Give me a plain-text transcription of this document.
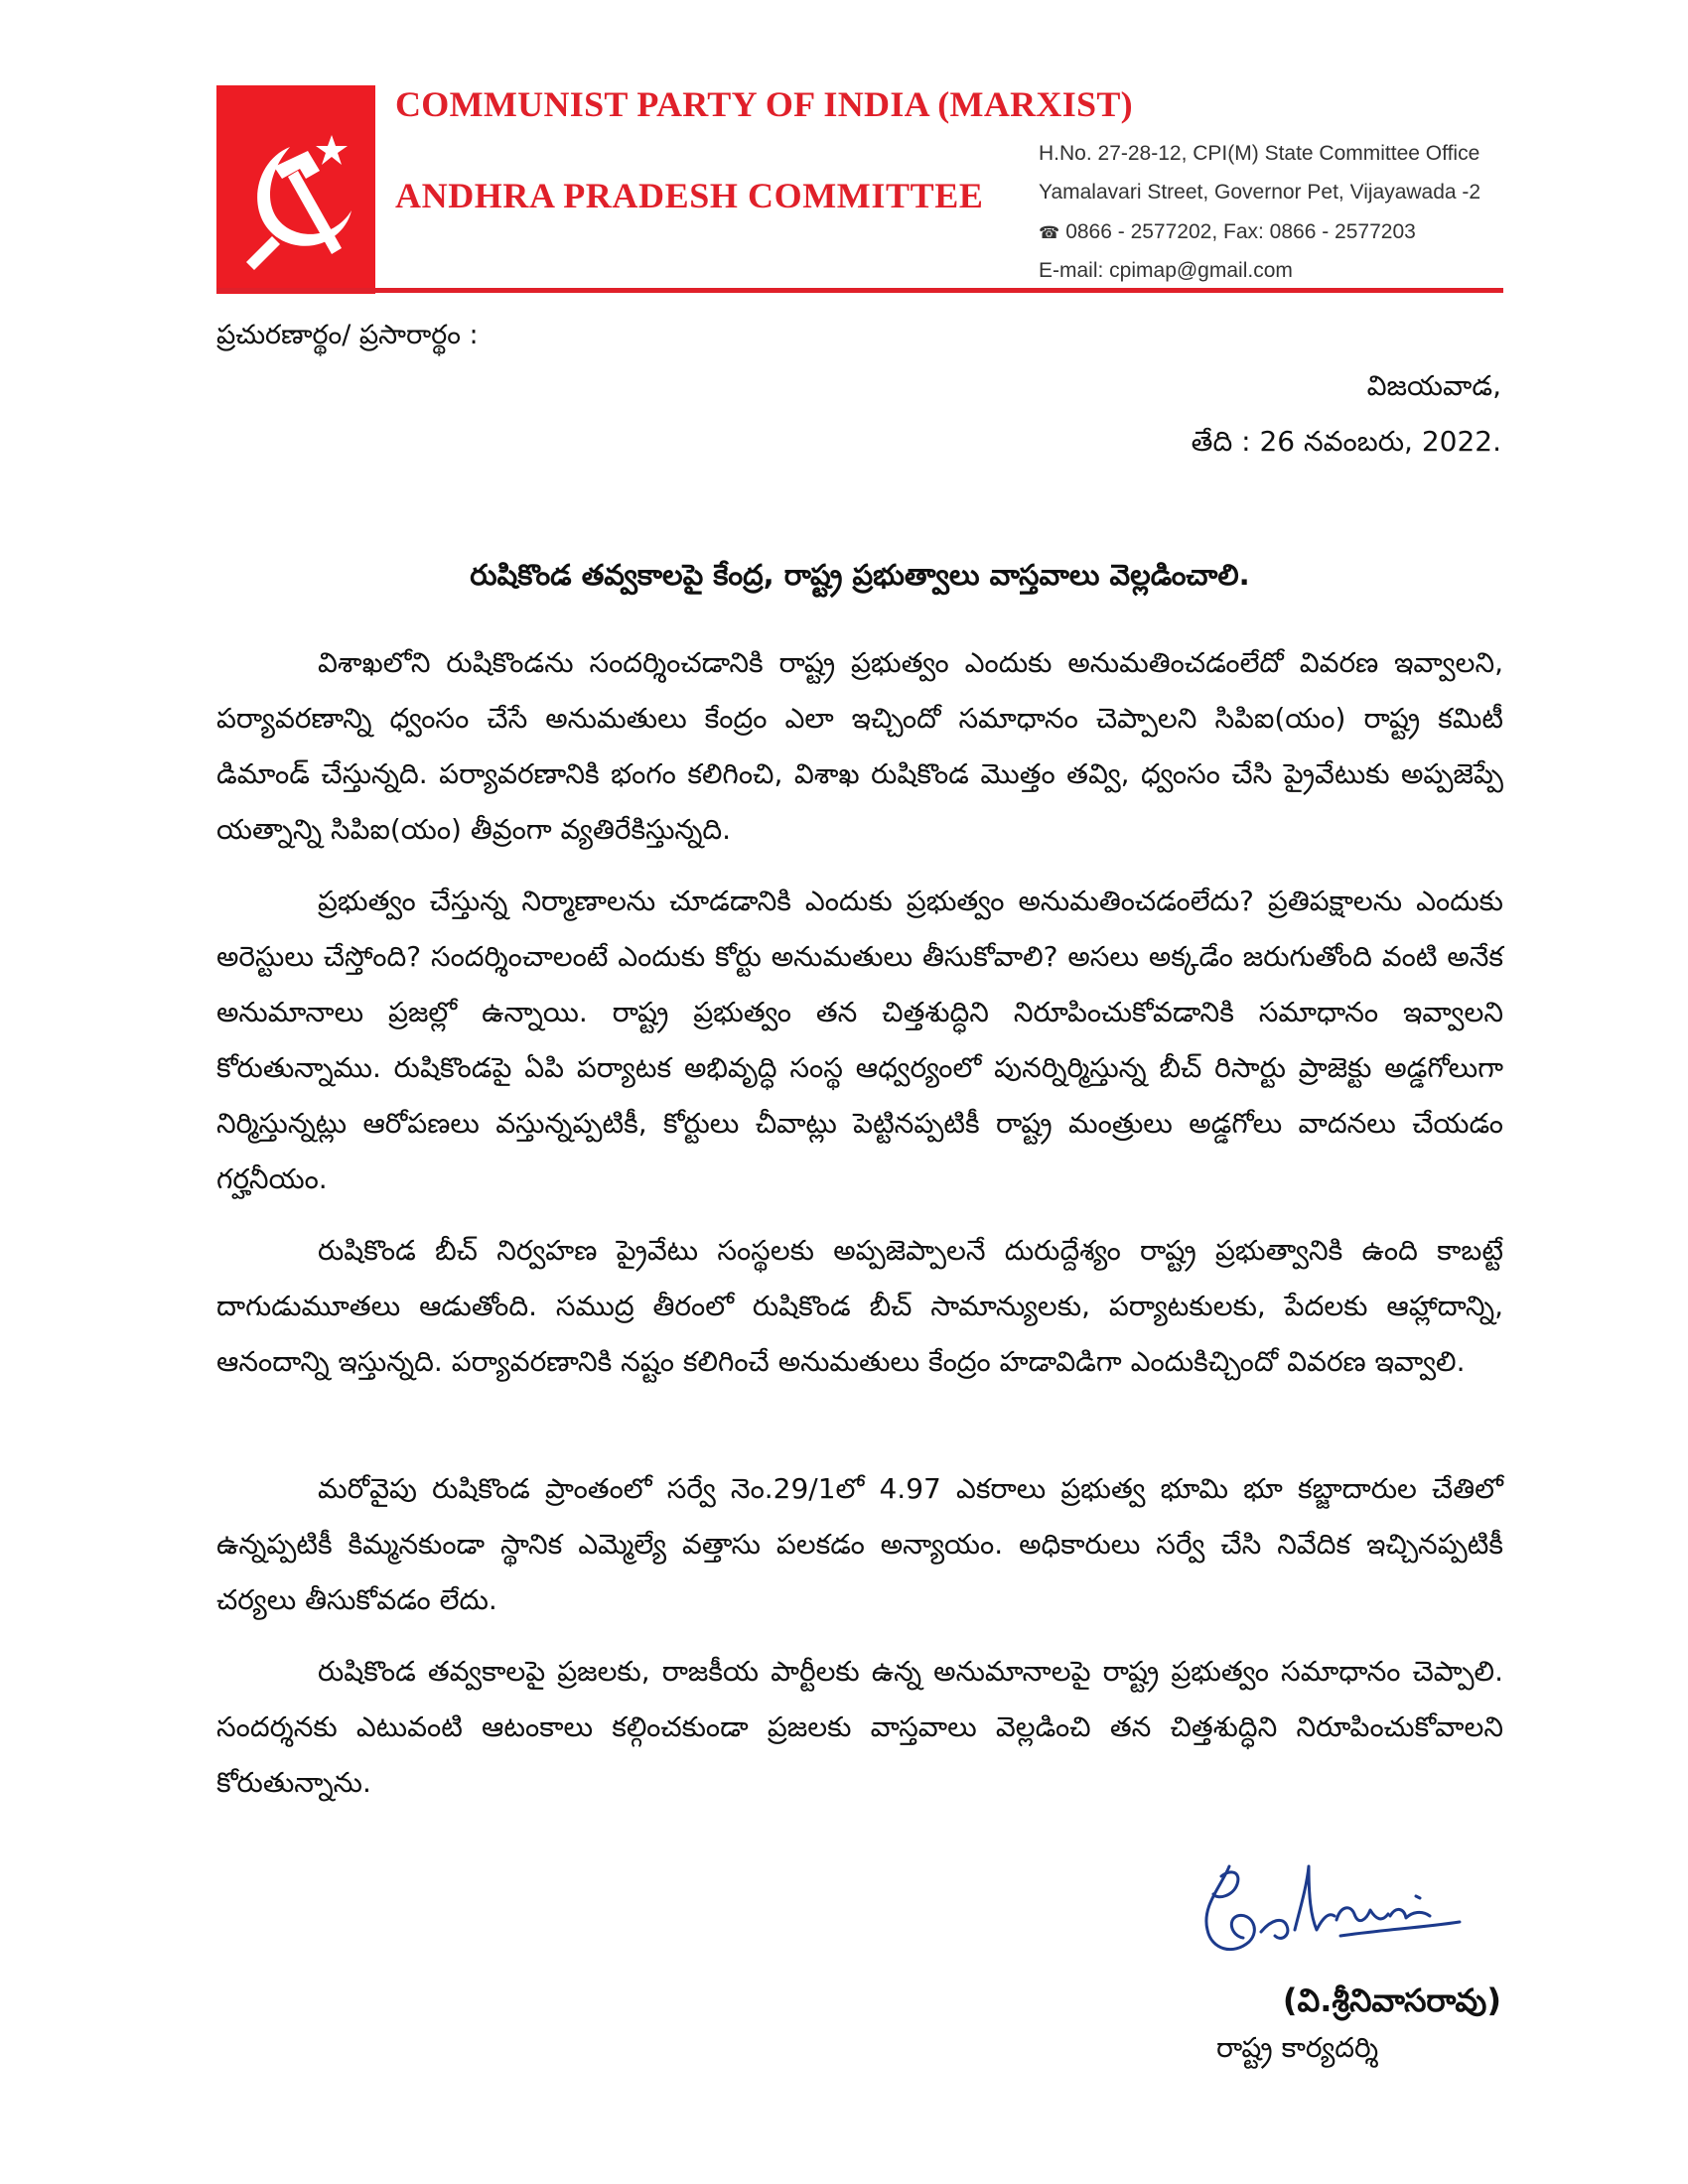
COMMUNIST PARTY OF INDIA (MARXIST)
ANDHRA PRADESH COMMITTEE
H.No. 27-28-12, CPI(M) State Committee Office
Yamalavari Street, Governor Pet, Vijayawada -2
☎ 0866 - 2577202, Fax: 0866 - 2577203
E-mail: cpimap@gmail.com
ప్రచురణార్థం/ ప్రసారార్థం :
విజయవాడ,
తేది : 26 నవంబరు, 2022.
రుషికొండ తవ్వకాలపై కేంద్ర, రాష్ట్ర ప్రభుత్వాలు వాస్తవాలు వెల్లడించాలి.

విశాఖలోని రుషికొండను సందర్శించడానికి రాష్ట్ర ప్రభుత్వం ఎందుకు అనుమతించడంలేదో వివరణ ఇవ్వాలని, పర్యావరణాన్ని ధ్వంసం చేసే అనుమతులు కేంద్రం ఎలా ఇచ్చిందో సమాధానం చెప్పాలని సిపిఐ(యం) రాష్ట్ర కమిటీ డిమాండ్ చేస్తున్నది. పర్యావరణానికి భంగం కలిగించి, విశాఖ రుషికొండ మొత్తం తవ్వి, ధ్వంసం చేసి ప్రైవేటుకు అప్పజెప్పే యత్నాన్ని సిపిఐ(యం) తీవ్రంగా వ్యతిరేకిస్తున్నది.

ప్రభుత్వం చేస్తున్న నిర్మాణాలను చూడడానికి ఎందుకు ప్రభుత్వం అనుమతించడంలేదు? ప్రతిపక్షాలను ఎందుకు అరెస్టులు చేస్తోంది? సందర్శించాలంటే ఎందుకు కోర్టు అనుమతులు తీసుకోవాలి? అసలు అక్కడేం జరుగుతోంది వంటి అనేక అనుమానాలు ప్రజల్లో ఉన్నాయి. రాష్ట్ర ప్రభుత్వం తన చిత్తశుద్ధిని నిరూపించుకోవడానికి సమాధానం ఇవ్వాలని కోరుతున్నాము. రుషికొండపై ఏపి పర్యాటక అభివృద్ధి సంస్థ ఆధ్వర్యంలో పునర్నిర్మిస్తున్న బీచ్ రిసార్టు ప్రాజెక్టు అడ్డగోలుగా నిర్మిస్తున్నట్లు ఆరోపణలు వస్తున్నప్పటికీ, కోర్టులు చీవాట్లు పెట్టినప్పటికీ రాష్ట్ర మంత్రులు అడ్డగోలు వాదనలు చేయడం గర్హనీయం.

రుషికొండ బీచ్ నిర్వహణ ప్రైవేటు సంస్థలకు అప్పజెప్పాలనే దురుద్దేశ్యం రాష్ట్ర ప్రభుత్వానికి ఉంది కాబట్టే దాగుడుమూతలు ఆడుతోంది. సముద్ర తీరంలో రుషికొండ బీచ్ సామాన్యులకు, పర్యాటకులకు, పేదలకు ఆహ్లాదాన్ని, ఆనందాన్ని ఇస్తున్నది. పర్యావరణానికి నష్టం కలిగించే అనుమతులు కేంద్రం హడావిడిగా ఎందుకిచ్చిందో వివరణ ఇవ్వాలి.

మరోవైపు రుషికొండ ప్రాంతంలో సర్వే నెం.29/1లో 4.97 ఎకరాలు ప్రభుత్వ భూమి భూ కబ్జాదారుల చేతిలో ఉన్నప్పటికీ కిమ్మనకుండా స్థానిక ఎమ్మెల్యే వత్తాసు పలకడం అన్యాయం. అధికారులు సర్వే చేసి నివేదిక ఇచ్చినప్పటికీ చర్యలు తీసుకోవడం లేదు.

రుషికొండ తవ్వకాలపై ప్రజలకు, రాజకీయ పార్టీలకు ఉన్న అనుమానాలపై రాష్ట్ర ప్రభుత్వం సమాధానం చెప్పాలి. సందర్శనకు ఎటువంటి ఆటంకాలు కల్గించకుండా ప్రజలకు వాస్తవాలు వెల్లడించి తన చిత్తశుద్ధిని నిరూపించుకోవాలని కోరుతున్నాను.

(వి.శ్రీనివాసరావు)
రాష్ట్ర కార్యదర్శి
